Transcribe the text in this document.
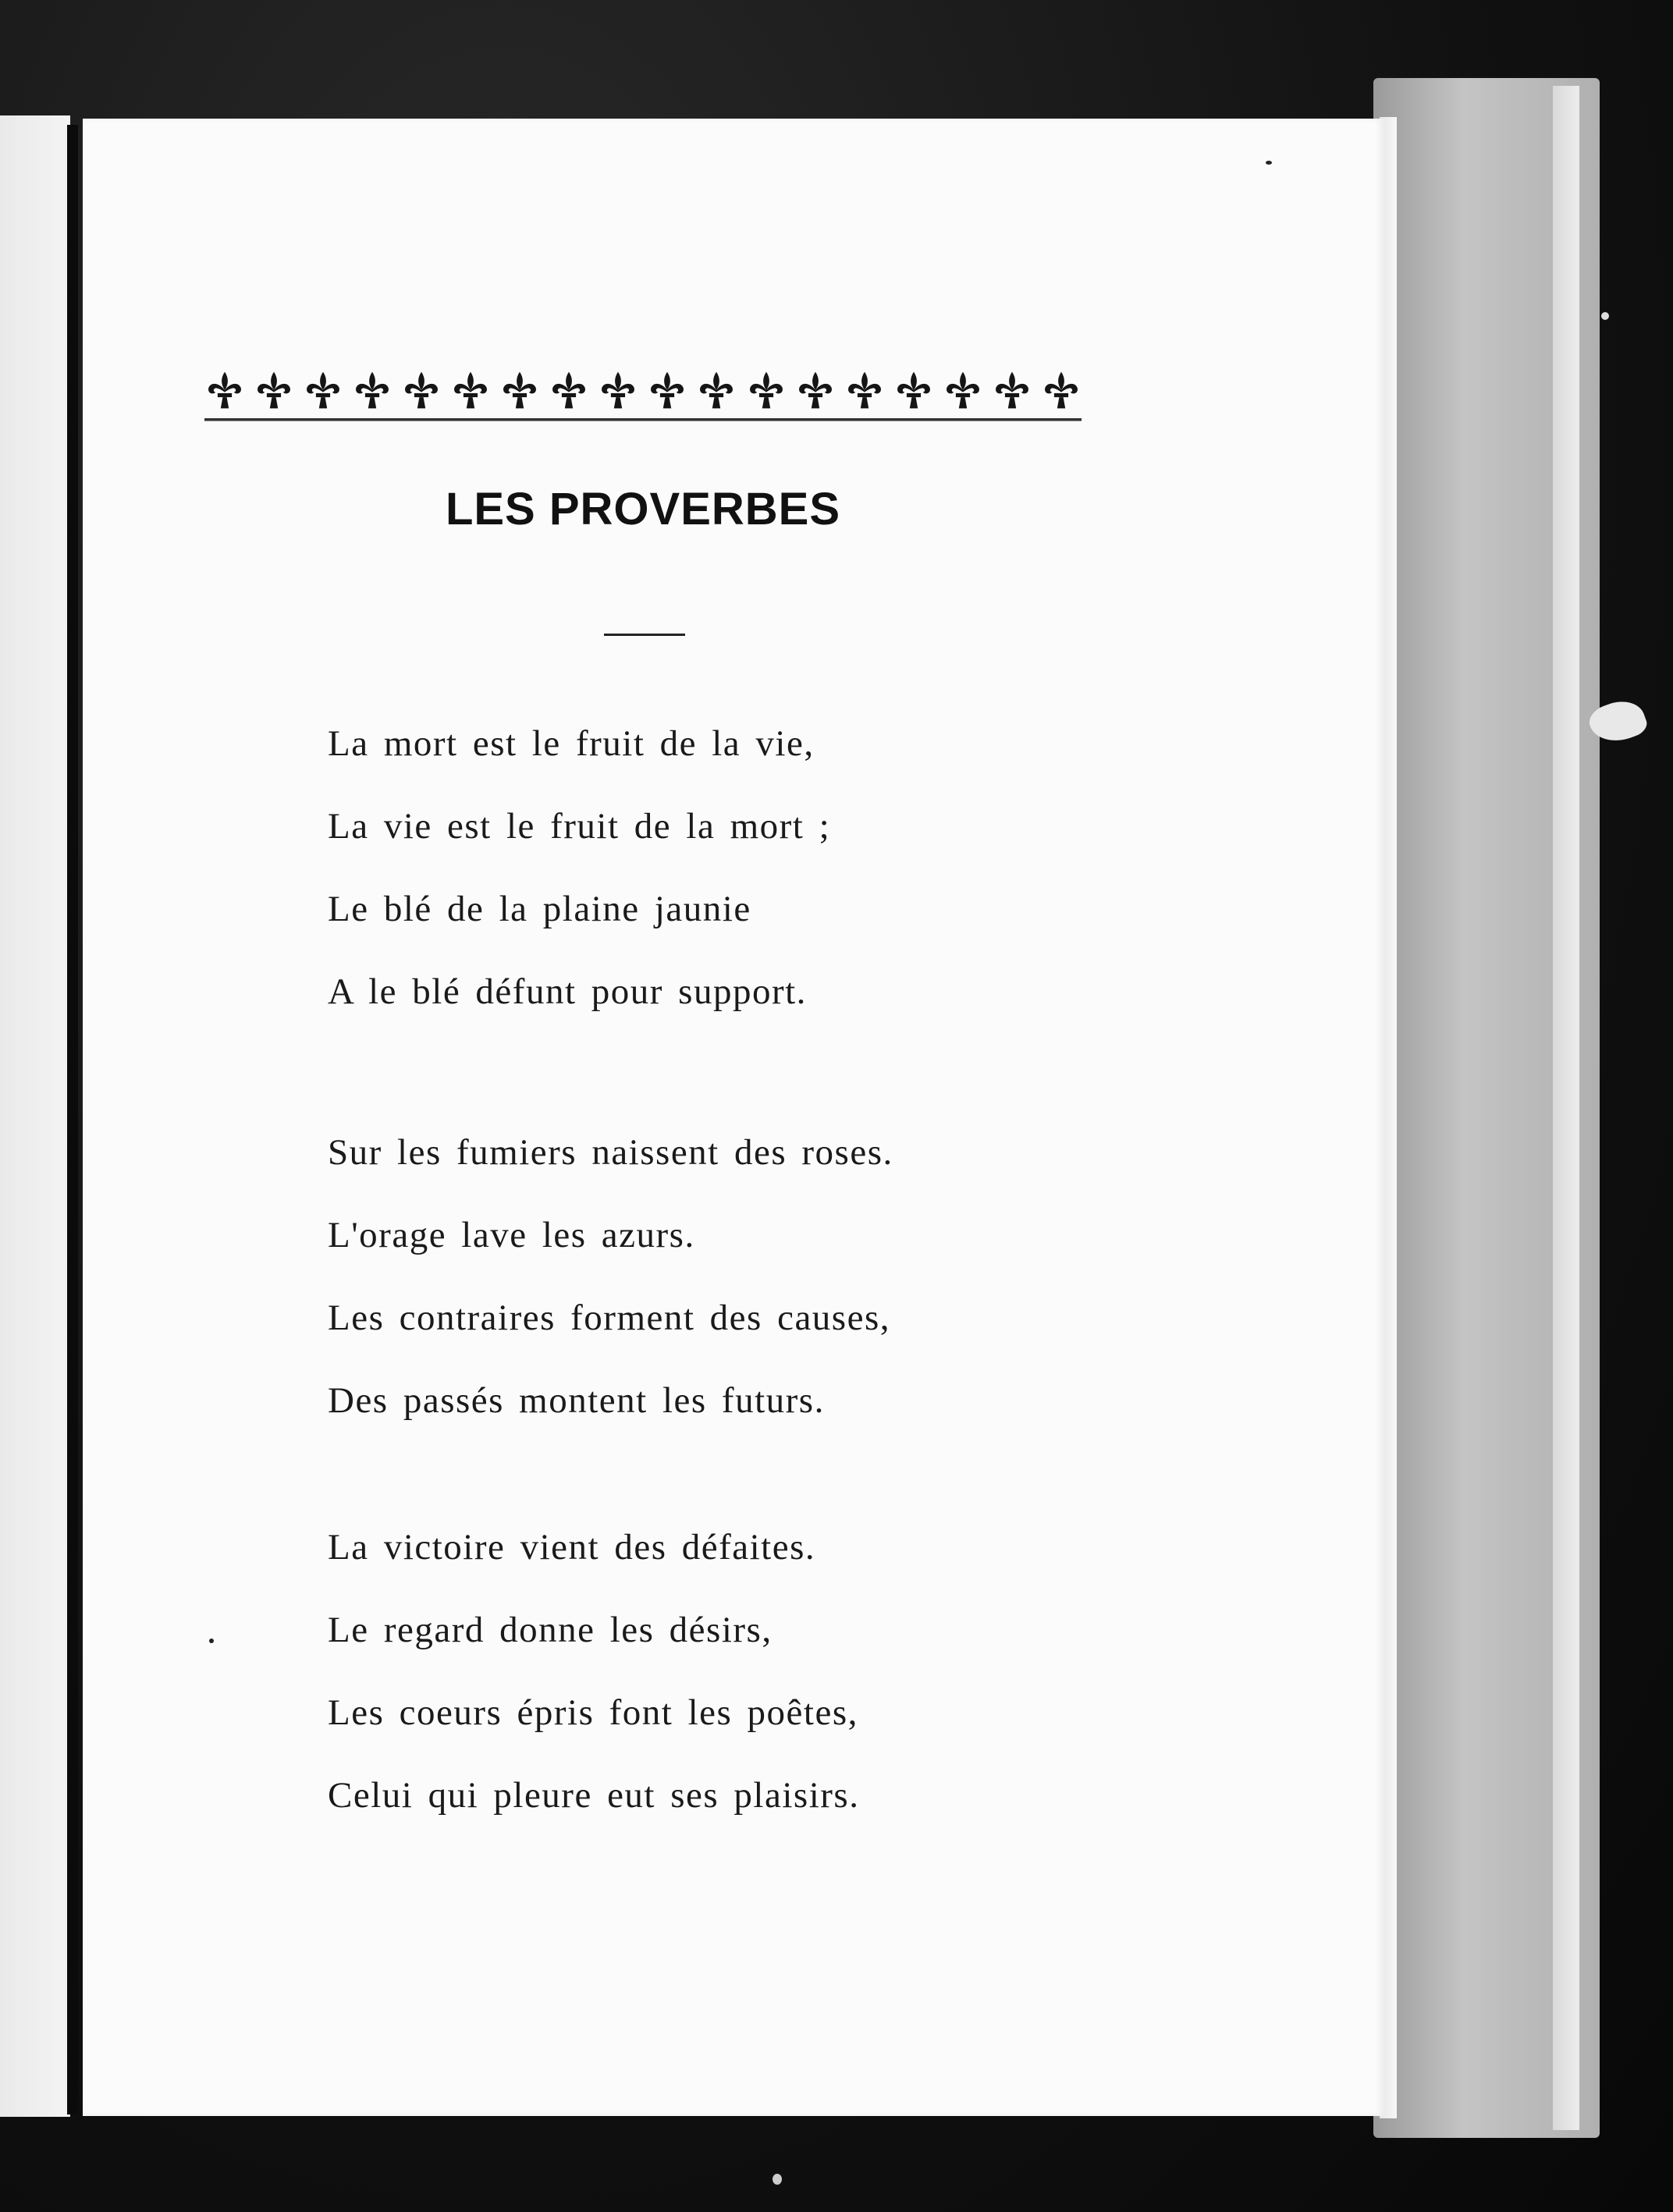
LES PROVERBES
La mort est le fruit de la vie,
La vie est le fruit de la mort ;
Le blé de la plaine jaunie
A le blé défunt pour support.
Sur les fumiers naissent des roses.
L'orage lave les azurs.
Les contraires forment des causes,
Des passés montent les futurs.
La victoire vient des défaites.
Le regard donne les désirs,
Les coeurs épris font les poêtes,
Celui qui pleure eut ses plaisirs.
